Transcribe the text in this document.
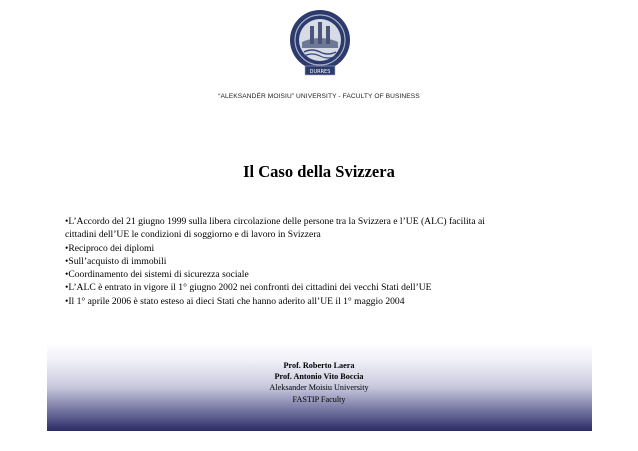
DURRES
“ALEKSANDËR MOISIU” UNIVERSITY - FACULTY OF BUSINESS
Il Caso della Svizzera
•L’Accordo del 21 giugno 1999 sulla libera circolazione delle persone tra la Svizzera e l’UE (ALC) facilita ai
cittadini dell’UE le condizioni di soggiorno e di lavoro in Svizzera
•Reciproco dei diplomi
•Sull’acquisto di immobili
•Coordinamento dei sistemi di sicurezza sociale
•L’ALC è entrato in vigore il 1° giugno 2002 nei confronti dei cittadini dei vecchi Stati dell’UE
•Il 1° aprile 2006 è stato esteso ai dieci Stati che hanno aderito all’UE il 1° maggio 2004
Prof. Roberto Laera
Prof. Antonio Vito Boccia
Aleksander Moisiu University
FASTIP Faculty
